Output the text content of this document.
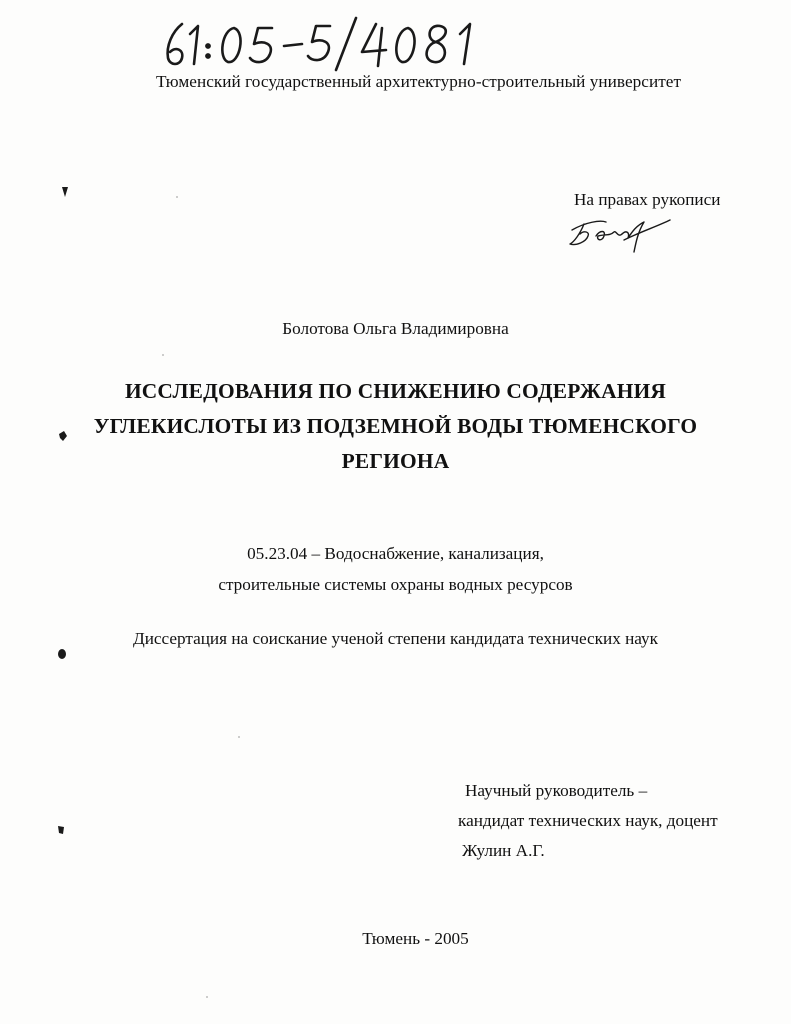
Тюменский государственный архитектурно-строительный университет
На правах рукописи
Болотова Ольга Владимировна
ИССЛЕДОВАНИЯ ПО СНИЖЕНИЮ СОДЕРЖАНИЯ
УГЛЕКИСЛОТЫ ИЗ ПОДЗЕМНОЙ ВОДЫ ТЮМЕНСКОГО
РЕГИОНА
05.23.04 – Водоснабжение, канализация,
строительные системы охраны водных ресурсов
Диссертация на соискание ученой степени кандидата технических наук
Научный руководитель –
кандидат технических наук, доцент
Жулин А.Г.
Тюмень - 2005
